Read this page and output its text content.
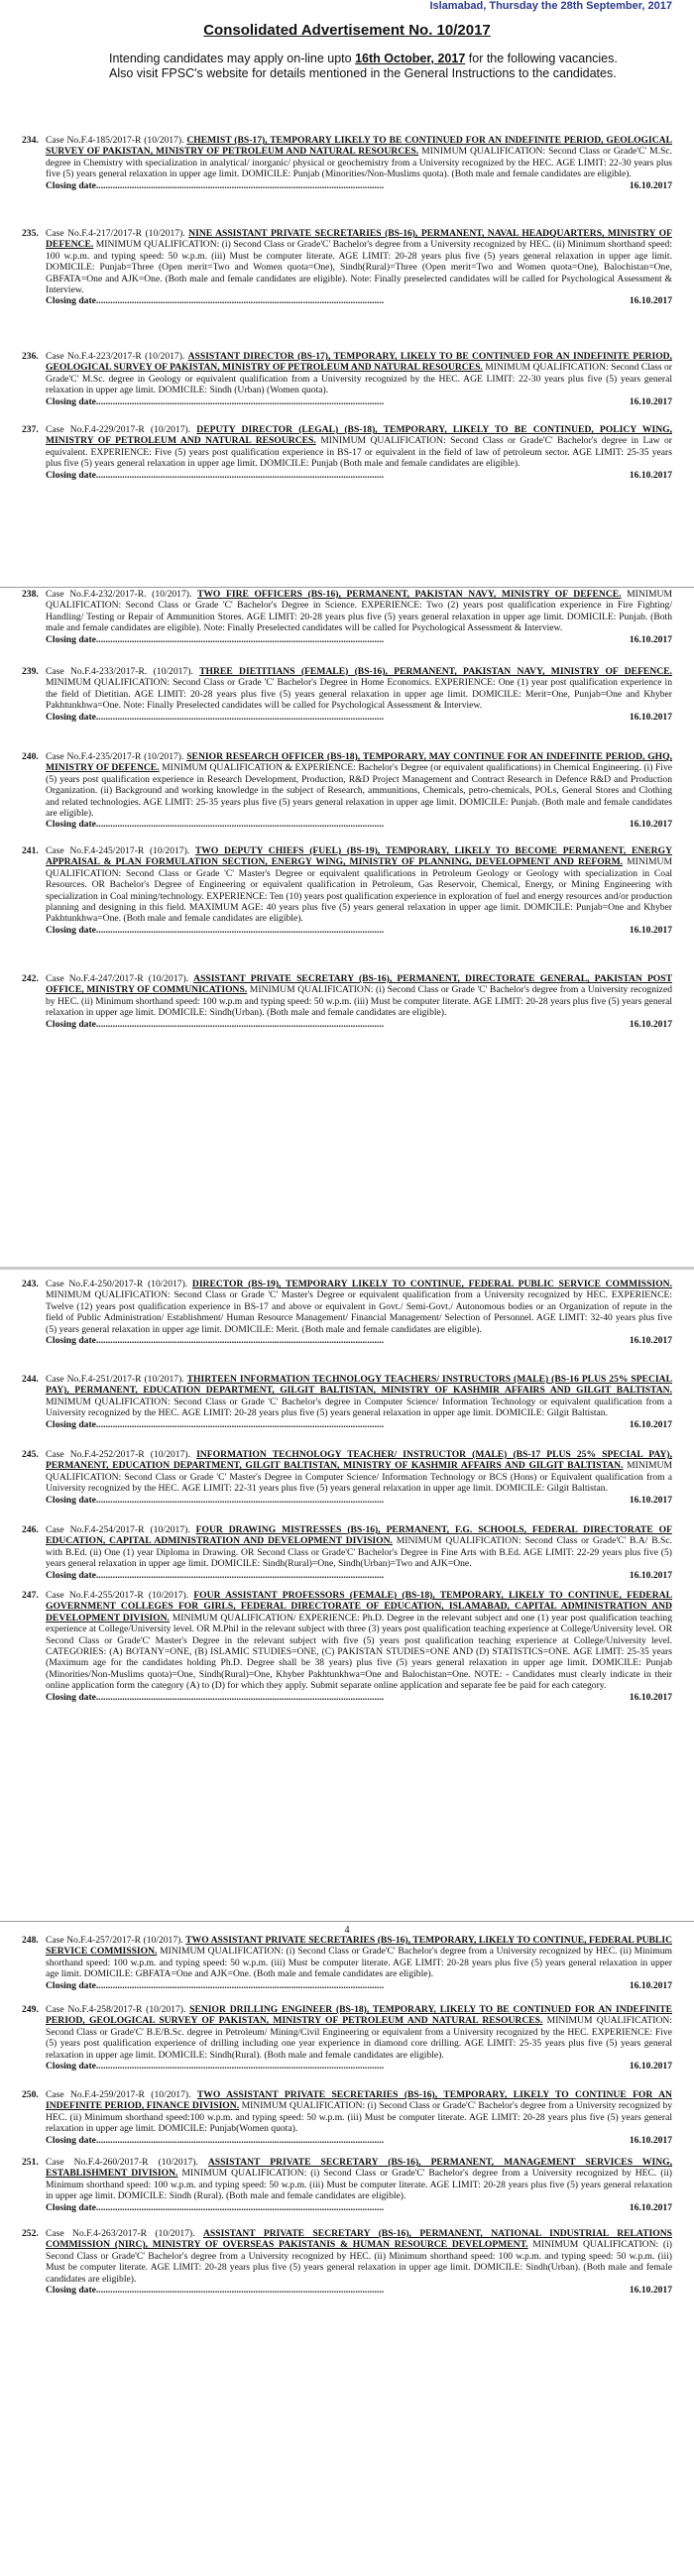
Islamabad, Thursday the 28th September, 2017
Consolidated Advertisement No. 10/2017
Intending candidates may apply on-line upto 16th October, 2017 for the following vacancies. Also visit FPSC's website for details mentioned in the General Instructions to the candidates.
4
234. Case No.F.4-185/2017-R (10/2017). CHEMIST (BS-17), TEMPORARY LIKELY TO BE CONTINUED FOR AN INDEFINITE PERIOD, GEOLOGICAL SURVEY OF PAKISTAN, MINISTRY OF PETROLEUM AND NATURAL RESOURCES. MINIMUM QUALIFICATION: Second Class or Grade'C' M.Sc. degree in Chemistry with specialization in analytical/ inorganic/ physical or geochemistry from a University recognized by the HEC. AGE LIMIT: 22-30 years plus five (5) years general relaxation in upper age limit. DOMICILE: Punjab (Minorities/Non-Muslims quota). (Both male and female candidates are eligible).
Closing date.........................................................................................................................	16.10.2017
235. Case No.F.4-217/2017-R (10/2017). NINE ASSISTANT PRIVATE SECRETARIES (BS-16), PERMANENT, NAVAL HEADQUARTERS, MINISTRY OF DEFENCE. MINIMUM QUALIFICATION: (i) Second Class or Grade'C' Bachelor's degree from a University recognized by HEC. (ii) Minimum shorthand speed: 100 w.p.m. and typing speed: 50 w.p.m. (iii) Must be computer literate. AGE LIMIT: 20-28 years plus five (5) years general relaxation in upper age limit. DOMICILE: Punjab=Three (Open merit=Two and Women quota=One), Sindh(Rural)=Three (Open merit=Two and Women quota=One), Balochistan=One, GBFATA=One and AJK=One. (Both male and female candidates are eligible). Note: Finally preselected candidates will be called for Psychological Assessment & Interview.
Closing date.........................................................................................................................	16.10.2017
236. Case No.F.4-223/2017-R (10/2017). ASSISTANT DIRECTOR (BS-17), TEMPORARY, LIKELY TO BE CONTINUED FOR AN INDEFINITE PERIOD, GEOLOGICAL SURVEY OF PAKISTAN, MINISTRY OF PETROLEUM AND NATURAL RESOURCES. MINIMUM QUALIFICATION: Second Class or Grade'C' M.Sc. degree in Geology or equivalent qualification from a University recognized by the HEC. AGE LIMIT: 22-30 years plus five (5) years general relaxation in upper age limit. DOMICILE: Sindh (Urban) (Women quota).
Closing date.........................................................................................................................	16.10.2017
237. Case No.F.4-229/2017-R (10/2017). DEPUTY DIRECTOR (LEGAL) (BS-18), TEMPORARY, LIKELY TO BE CONTINUED, POLICY WING, MINISTRY OF PETROLEUM AND NATURAL RESOURCES. MINIMUM QUALIFICATION: Second Class or Grade'C' Bachelor's degree in Law or equivalent. EXPERIENCE: Five (5) years post qualification experience in BS-17 or equivalent in the field of law of petroleum sector. AGE LIMIT: 25-35 years plus five (5) years general relaxation in upper age limit. DOMICILE: Punjab (Both male and female candidates are eligible).
Closing date.........................................................................................................................	16.10.2017
238. Case No.F.4-232/2017-R. (10/2017). TWO FIRE OFFICERS (BS-16), PERMANENT, PAKISTAN NAVY, MINISTRY OF DEFENCE. MINIMUM QUALIFICATION: Second Class or Grade 'C' Bachelor's Degree in Science. EXPERIENCE: Two (2) years post qualification experience in Fire Fighting/ Handling/ Testing or Repair of Ammunition Stores. AGE LIMIT: 20-28 years plus five (5) years general relaxation in upper age limit. DOMICILE: Punjab. (Both male and female candidates are eligible). Note: Finally Preselected candidates will be called for Psychological Assessment & Interview.
Closing date.........................................................................................................................	16.10.2017
239. Case No.F.4-233/2017-R. (10/2017). THREE DIETITIANS (FEMALE) (BS-16), PERMANENT, PAKISTAN NAVY, MINISTRY OF DEFENCE. MINIMUM QUALIFICATION: Second Class or Grade 'C' Bachelor's Degree in Home Economics. EXPERIENCE: One (1) year post qualification experience in the field of Dietitian. AGE LIMIT: 20-28 years plus five (5) years general relaxation in upper age limit. DOMICILE: Merit=One, Punjab=One and Khyber Pakhtunkhwa=One. Note: Finally Preselected candidates will be called for Psychological Assessment & Interview.
Closing date.........................................................................................................................	16.10.2017
240. Case No.F.4-235/2017-R (10/2017). SENIOR RESEARCH OFFICER (BS-18), TEMPORARY, MAY CONTINUE FOR AN INDEFINITE PERIOD, GHQ, MINISTRY OF DEFENCE. MINIMUM QUALIFICATION & EXPERIENCE: Bachelor's Degree (or equivalent qualifications) in Chemical Engineering. (i) Five (5) years post qualification experience in Research Development, Production, R&D Project Management and Contract Research in Defence R&D and Production Organization. (ii) Background and working knowledge in the subject of Research, ammunitions, Chemicals, petro-chemicals, POLs, General Stores and Clothing and related technologies. AGE LIMIT: 25-35 years plus five (5) years general relaxation in upper age limit. DOMICILE: Punjab. (Both male and female candidates are eligible).
Closing date.........................................................................................................................	16.10.2017
241. Case No.F.4-245/2017-R (10/2017). TWO DEPUTY CHIEFS (FUEL) (BS-19), TEMPORARY, LIKELY TO BECOME PERMANENT, ENERGY APPRAISAL & PLAN FORMULATION SECTION, ENERGY WING, MINISTRY OF PLANNING, DEVELOPMENT AND REFORM. MINIMUM QUALIFICATION: Second Class or Grade 'C' Master's Degree or equivalent qualifications in Petroleum Geology or Geology with specialization in Coal Resources. OR Bachelor's Degree of Engineering or equivalent qualification in Petroleum, Gas Reservoir, Chemical, Energy, or Mining Engineering with specialization in Coal mining/technology. EXPERIENCE: Ten (10) years post qualification experience in exploration of fuel and energy resources and/or production planning and designing in this field. MAXIMUM AGE: 40 years plus five (5) years general relaxation in upper age limit. DOMICILE: Punjab=One and Khyber Pakhtunkhwa=One. (Both male and female candidates are eligible).
Closing date.........................................................................................................................	16.10.2017
242. Case No.F.4-247/2017-R (10/2017). ASSISTANT PRIVATE SECRETARY (BS-16), PERMANENT, DIRECTORATE GENERAL, PAKISTAN POST OFFICE, MINISTRY OF COMMUNICATIONS. MINIMUM QUALIFICATION: (i) Second Class or Grade 'C' Bachelor's degree from a University recognized by HEC. (ii) Minimum shorthand speed: 100 w.p.m and typing speed: 50 w.p.m. (iii) Must be computer literate. AGE LIMIT: 20-28 years plus five (5) years general relaxation in upper age limit. DOMICILE: Sindh(Urban). (Both male and female candidates are eligible).
Closing date.........................................................................................................................	16.10.2017
243. Case No.F.4-250/2017-R (10/2017). DIRECTOR (BS-19), TEMPORARY LIKELY TO CONTINUE, FEDERAL PUBLIC SERVICE COMMISSION. MINIMUM QUALIFICATION: Second Class or Grade 'C' Master's Degree or equivalent qualification from a University recognized by HEC. EXPERIENCE: Twelve (12) years post qualification experience in BS-17 and above or equivalent in Govt./ Semi-Govt./ Autonomous bodies or an Organization of repute in the field of Public Administration/ Establishment/ Human Resource Management/ Financial Management/ Selection of Personnel. AGE LIMIT: 32-40 years plus five (5) years general relaxation in upper age limit. DOMICILE: Merit. (Both male and female candidates are eligible).
Closing date.........................................................................................................................	16.10.2017
244. Case No.F.4-251/2017-R (10/2017). THIRTEEN INFORMATION TECHNOLOGY TEACHERS/ INSTRUCTORS (MALE) (BS-16 PLUS 25% SPECIAL PAY), PERMANENT, EDUCATION DEPARTMENT, GILGIT BALTISTAN, MINISTRY OF KASHMIR AFFAIRS AND GILGIT BALTISTAN. MINIMUM QUALIFICATION: Second Class or Grade 'C' Bachelor's degree in Computer Science/ Information Technology or equivalent qualification from a University recognized by the HEC. AGE LIMIT: 20-28 years plus five (5) years general relaxation in upper age limit. DOMICILE: Gilgit Baltistan.
Closing date.........................................................................................................................	16.10.2017
245. Case No.F.4-252/2017-R (10/2017). INFORMATION TECHNOLOGY TEACHER/ INSTRUCTOR (MALE) (BS-17 PLUS 25% SPECIAL PAY), PERMANENT, EDUCATION DEPARTMENT, GILGIT BALTISTAN, MINISTRY OF KASHMIR AFFAIRS AND GILGIT BALTISTAN. MINIMUM QUALIFICATION: Second Class or Grade 'C' Master's Degree in Computer Science/ Information Technology or BCS (Hons) or Equivalent qualification from a University recognized by the HEC. AGE LIMIT: 22-31 years plus five (5) years general relaxation in upper age limit. DOMICILE: Gilgit Baltistan.
Closing date.........................................................................................................................	16.10.2017
246. Case No.F.4-254/2017-R (10/2017). FOUR DRAWING MISTRESSES (BS-16), PERMANENT, F.G. SCHOOLS, FEDERAL DIRECTORATE OF EDUCATION, CAPITAL ADMINISTRATION AND DEVELOPMENT DIVISION. MINIMUM QUALIFICATION: Second Class or Grade'C' B.A/ B.Sc. with B.Ed. (ii) One (1) year Diploma in Drawing. OR Second Class or Grade'C' Bachelor's Degree in Fine Arts with B.Ed. AGE LIMIT: 22-29 years plus five (5) years general relaxation in upper age limit. DOMICILE: Sindh(Rural)=One, Sindh(Urban)=Two and AJK=One.
Closing date.........................................................................................................................	16.10.2017
247. Case No.F.4-255/2017-R (10/2017). FOUR ASSISTANT PROFESSORS (FEMALE) (BS-18), TEMPORARY, LIKELY TO CONTINUE, FEDERAL GOVERNMENT COLLEGES FOR GIRLS, FEDERAL DIRECTORATE OF EDUCATION, ISLAMABAD, CAPITAL ADMINISTRATION AND DEVELOPMENT DIVISION. MINIMUM QUALIFICATION/ EXPERIENCE: Ph.D. Degree in the relevant subject and one (1) year post qualification teaching experience at College/University level. OR M.Phil in the relevant subject with three (3) years post qualification teaching experience at College/University level. OR Second Class or Grade'C' Master's Degree in the relevant subject with five (5) years post qualification teaching experience at College/University level. CATEGORIES: (A) BOTANY=ONE, (B) ISLAMIC STUDIES=ONE, (C) PAKISTAN STUDIES=ONE AND (D) STATISTICS=ONE. AGE LIMIT: 25-35 years (Maximum age for the candidates holding Ph.D. Degree shall be 38 years) plus five (5) years general relaxation in upper age limit. DOMICILE: Punjab (Minorities/Non-Muslims quota)=One, Sindh(Rural)=One, Khyber Pakhtunkhwa=One and Balochistan=One. NOTE: - Candidates must clearly indicate in their online application form the category (A) to (D) for which they apply. Submit separate online application and separate fee be paid for each category.
Closing date.........................................................................................................................	16.10.2017
248. Case No.F.4-257/2017-R (10/2017). TWO ASSISTANT PRIVATE SECRETARIES (BS-16), TEMPORARY, LIKELY TO CONTINUE, FEDERAL PUBLIC SERVICE COMMISSION. MINIMUM QUALIFICATION: (i) Second Class or Grade'C' Bachelor's degree from a University recognized by HEC. (ii) Minimum shorthand speed: 100 w.p.m. and typing speed: 50 w.p.m. (iii) Must be computer literate. AGE LIMIT: 20-28 years plus five (5) years general relaxation in upper age limit. DOMICILE: GBFATA=One and AJK=One. (Both male and female candidates are eligible).
Closing date.........................................................................................................................	16.10.2017
249. Case No.F.4-258/2017-R (10/2017). SENIOR DRILLING ENGINEER (BS-18), TEMPORARY, LIKELY TO BE CONTINUED FOR AN INDEFINITE PERIOD, GEOLOGICAL SURVEY OF PAKISTAN, MINISTRY OF PETROLEUM AND NATURAL RESOURCES. MINIMUM QUALIFICATION: Second Class or Grade'C' B.E/B.Sc. degree in Petroleum/ Mining/Civil Engineering or equivalent from a University recognized by the HEC. EXPERIENCE: Five (5) years post qualification experience of drilling including one year experience in diamond core drilling. AGE LIMIT: 25-35 years plus five (5) years general relaxation in upper age limit. DOMICILE: Sindh(Rural). (Both male and female candidates are eligible).
Closing date.........................................................................................................................	16.10.2017
250. Case No.F.4-259/2017-R (10/2017). TWO ASSISTANT PRIVATE SECRETARIES (BS-16), TEMPORARY, LIKELY TO CONTINUE FOR AN INDEFINITE PERIOD, FINANCE DIVISION. MINIMUM QUALIFICATION: (i) Second Class or Grade'C' Bachelor's degree from a University recognized by HEC. (ii) Minimum shorthand speed:100 w.p.m. and typing speed: 50 w.p.m. (iii) Must be computer literate. AGE LIMIT: 20-28 years plus five (5) years general relaxation in upper age limit. DOMICILE: Punjab(Women quota).
Closing date.........................................................................................................................	16.10.2017
251. Case No.F.4-260/2017-R (10/2017). ASSISTANT PRIVATE SECRETARY (BS-16), PERMANENT, MANAGEMENT SERVICES WING, ESTABLISHMENT DIVISION. MINIMUM QUALIFICATION: (i) Second Class or Grade'C' Bachelor's degree from a University recognized by HEC. (ii) Minimum shorthand speed: 100 w.p.m. and typing speed: 50 w.p.m. (iii) Must be computer literate. AGE LIMIT: 20-28 years plus five (5) years general relaxation in upper age limit. DOMICILE: Sindh (Rural). (Both male and female candidates are eligible).
Closing date.........................................................................................................................	16.10.2017
252. Case No.F.4-263/2017-R (10/2017). ASSISTANT PRIVATE SECRETARY (BS-16), PERMANENT, NATIONAL INDUSTRIAL RELATIONS COMMISSION (NIRC), MINISTRY OF OVERSEAS PAKISTANIS & HUMAN RESOURCE DEVELOPMENT. MINIMUM QUALIFICATION: (i) Second Class or Grade'C' Bachelor's degree from a University recognized by HEC. (ii) Minimum shorthand speed: 100 w.p.m. and typing speed: 50 w.p.m. (iii) Must be computer literate. AGE LIMIT: 20-28 years plus five (5) years general relaxation in upper age limit. DOMICILE: Sindh(Urban). (Both male and female candidates are eligible).
Closing date.........................................................................................................................	16.10.2017
